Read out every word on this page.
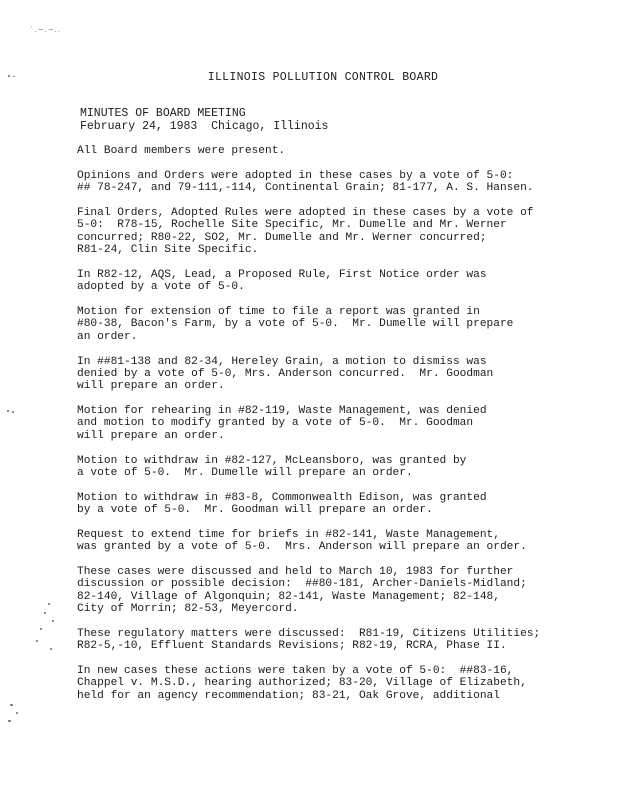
`.~.~..
ILLINOIS POLLUTION CONTROL BOARD
MINUTES OF BOARD MEETING
February 24, 1983  Chicago, Illinois
All Board members were present.
Opinions and Orders were adopted in these cases by a vote of 5-0:
## 78-247, and 79-111,-114, Continental Grain; 81-177, A. S. Hansen.
Final Orders, Adopted Rules were adopted in these cases by a vote of
5-0:  R78-15, Rochelle Site Specific, Mr. Dumelle and Mr. Werner
concurred; R80-22, SO2, Mr. Dumelle and Mr. Werner concurred;
R81-24, Clin Site Specific.
In R82-12, AQS, Lead, a Proposed Rule, First Notice order was
adopted by a vote of 5-0.
Motion for extension of time to file a report was granted in
#80-38, Bacon's Farm, by a vote of 5-0.  Mr. Dumelle will prepare
an order.
In ##81-138 and 82-34, Hereley Grain, a motion to dismiss was
denied by a vote of 5-0, Mrs. Anderson concurred.  Mr. Goodman
will prepare an order.
Motion for rehearing in #82-119, Waste Management, was denied
and motion to modify granted by a vote of 5-0.  Mr. Goodman
will prepare an order.
Motion to withdraw in #82-127, McLeansboro, was granted by
a vote of 5-0.  Mr. Dumelle will prepare an order.
Motion to withdraw in #83-8, Commonwealth Edison, was granted
by a vote of 5-0.  Mr. Goodman will prepare an order.
Request to extend time for briefs in #82-141, Waste Management,
was granted by a vote of 5-0.  Mrs. Anderson will prepare an order.
These cases were discussed and held to March 10, 1983 for further
discussion or possible decision:  ##80-181, Archer-Daniels-Midland;
82-140, Village of Algonquin; 82-141, Waste Management; 82-148,
City of Morrin; 82-53, Meyercord.
These regulatory matters were discussed:  R81-19, Citizens Utilities;
R82-5,-10, Effluent Standards Revisions; R82-19, RCRA, Phase II.
In new cases these actions were taken by a vote of 5-0:  ##83-16,
Chappel v. M.S.D., hearing authorized; 83-20, Village of Elizabeth,
held for an agency recommendation; 83-21, Oak Grove, additional
